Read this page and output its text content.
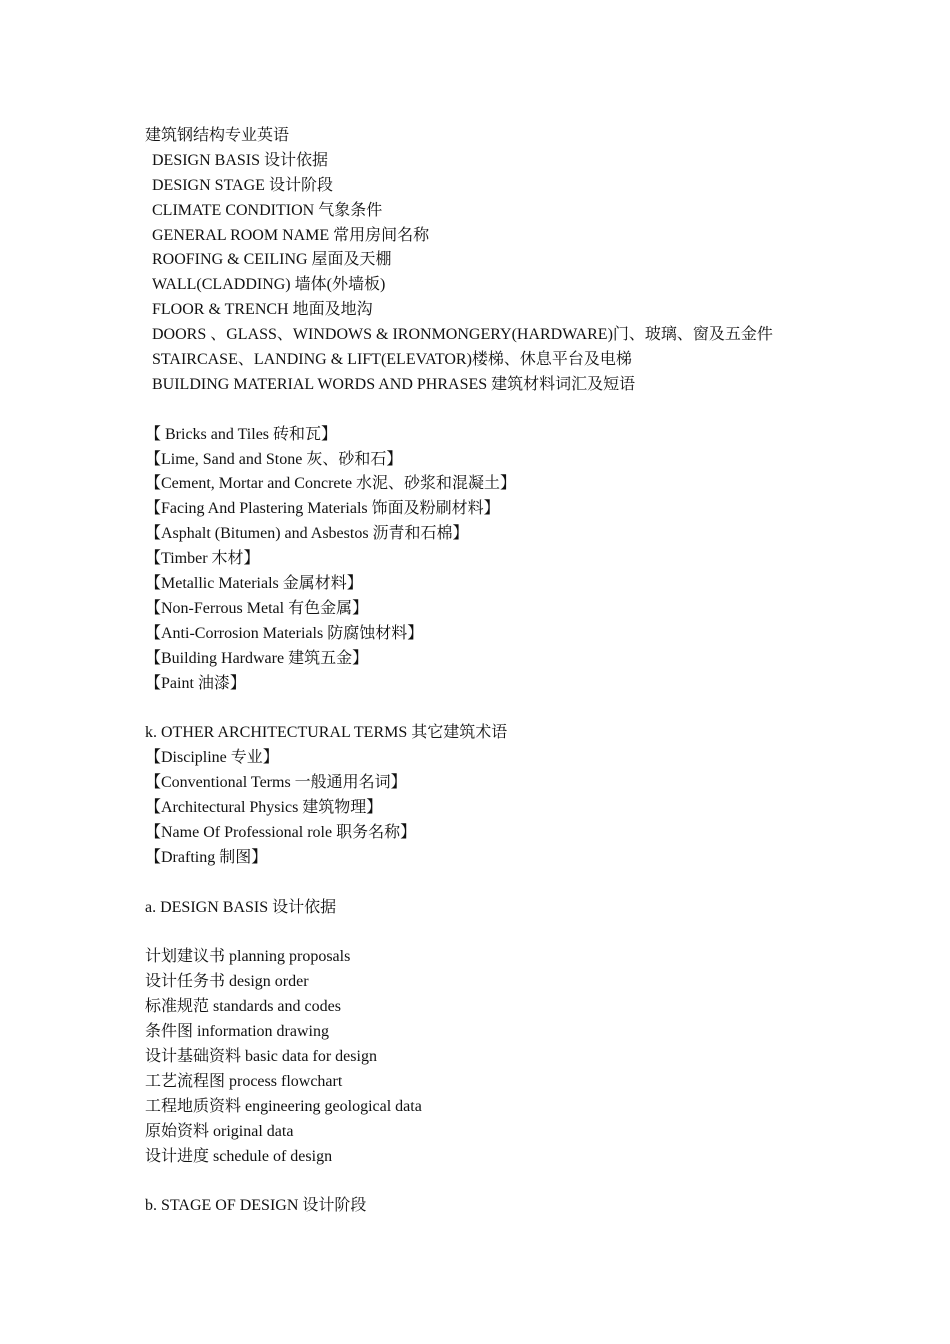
建筑钢结构专业英语
DESIGN BASIS 设计依据
DESIGN STAGE 设计阶段
CLIMATE CONDITION 气象条件
GENERAL ROOM NAME 常用房间名称
ROOFING & CEILING 屋面及天棚
WALL(CLADDING) 墙体(外墙板)
FLOOR & TRENCH 地面及地沟
DOORS 、GLASS、WINDOWS & IRONMONGERY(HARDWARE)门、玻璃、窗及五金件
STAIRCASE、LANDING & LIFT(ELEVATOR)楼梯、休息平台及电梯
BUILDING MATERIAL WORDS AND PHRASES 建筑材料词汇及短语
【 Bricks and Tiles 砖和瓦】
【Lime, Sand and Stone 灰、砂和石】
【Cement, Mortar and Concrete 水泥、砂浆和混凝土】
【Facing And Plastering Materials 饰面及粉刷材料】
【Asphalt (Bitumen) and Asbestos 沥青和石棉】
【Timber 木材】
【Metallic Materials 金属材料】
【Non-Ferrous Metal 有色金属】
【Anti-Corrosion Materials 防腐蚀材料】
【Building Hardware 建筑五金】
【Paint 油漆】
k. OTHER ARCHITECTURAL TERMS 其它建筑术语
【Discipline 专业】
【Conventional Terms 一般通用名词】
【Architectural Physics 建筑物理】
【Name Of Professional role 职务名称】
【Drafting 制图】
a. DESIGN BASIS 设计依据
计划建议书 planning proposals
设计任务书 design order
标准规范 standards and codes
条件图 information drawing
设计基础资料 basic data for design
工艺流程图 process flowchart
工程地质资料 engineering geological data
原始资料 original data
设计进度 schedule of design
b. STAGE OF DESIGN 设计阶段
